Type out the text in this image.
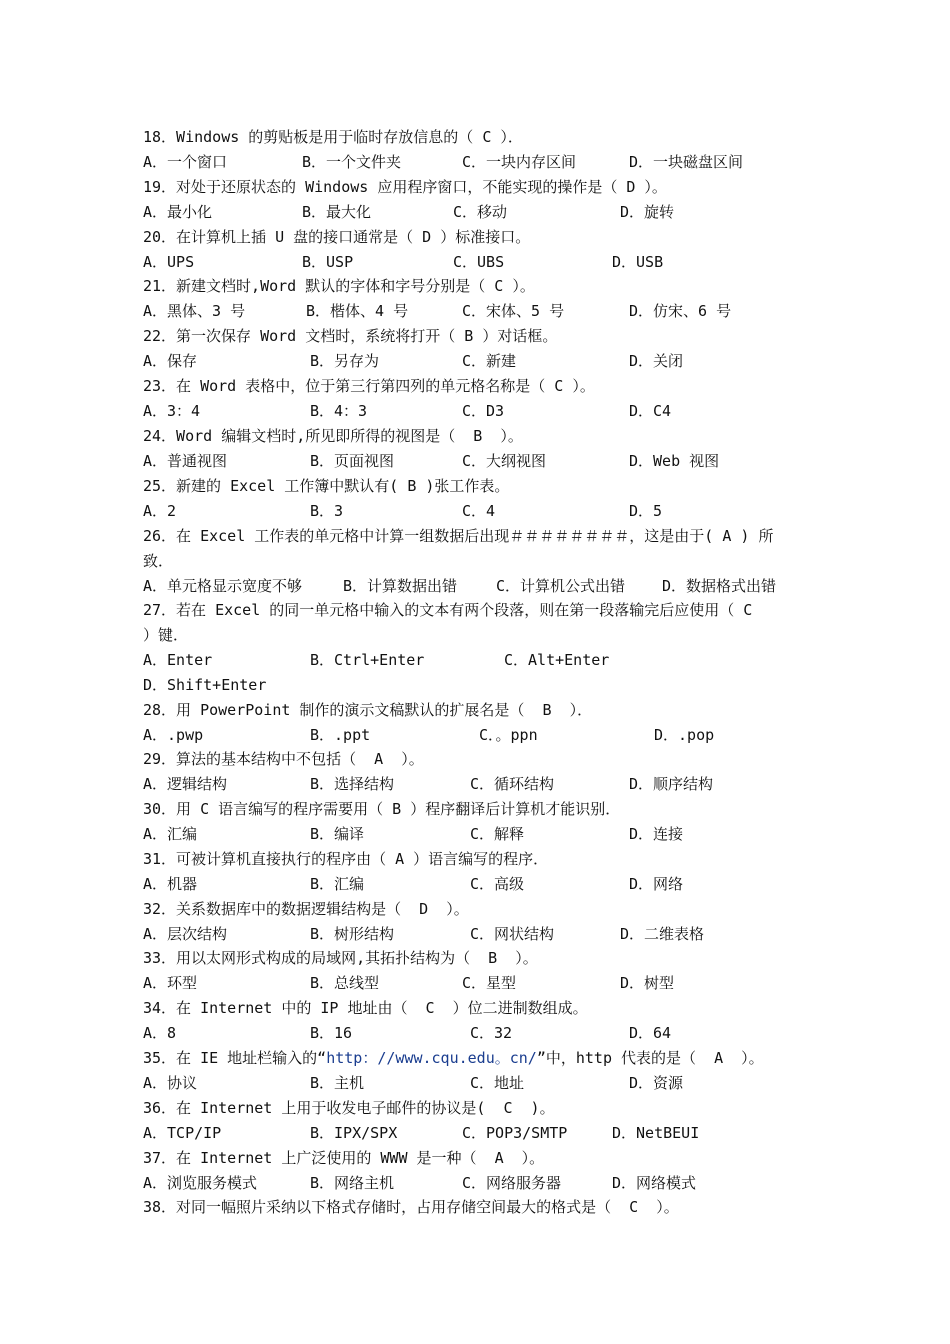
18．Windows 的剪贴板是用于临时存放信息的（ C ）．
A．一个窗口	B．一个文件夹	C．一块内存区间	D．一块磁盘区间
19．对处于还原状态的 Windows 应用程序窗口，不能实现的操作是（ D ）。
A．最小化	B．最大化	C．移动	D．旋转
20．在计算机上插 U 盘的接口通常是（ D ）标准接口。
A．UPS	B．USP	C．UBS	D．USB
21．新建文档时,Word 默认的字体和字号分别是（ C ）。
A．黑体、3 号	B．楷体、4 号	C．宋体、5 号	D．仿宋、6 号
22．第一次保存 Word 文档时，系统将打开（ B ）对话框。
A．保存	B．另存为	C．新建	D．关闭
23．在 Word 表格中，位于第三行第四列的单元格名称是（ C ）。
A．3：4	B．4：3	C．D3	D．C4
24．Word 编辑文档时,所见即所得的视图是（  B  ）。
A．普通视图	B．页面视图	C．大纲视图	D．Web 视图
25．新建的 Excel 工作簿中默认有( B )张工作表。
A．2	B．3	C．4	D．5
26．在 Excel 工作表的单元格中计算一组数据后出现＃＃＃＃＃＃＃＃，这是由于( A ) 所
致．
A．单元格显示宽度不够	B．计算数据出错	C．计算机公式出错 D．数据格式出错
27．若在 Excel 的同一单元格中输入的文本有两个段落，则在第一段落输完后应使用（ C
）键．
A．Enter	B．Ctrl+Enter	C．Alt+Enter
D．Shift+Enter
28．用 PowerPoint 制作的演示文稿默认的扩展名是（  B  ）．
A．.pwp	B．.ppt	C．。ppn	D．.pop
29．算法的基本结构中不包括（  A  ）。
A．逻辑结构	B．选择结构	C．循环结构	D．顺序结构
30．用 C 语言编写的程序需要用（ B ）程序翻译后计算机才能识别．
A．汇编	B．编译	C．解释	D．连接
31．可被计算机直接执行的程序由（ A ）语言编写的程序．
A．机器	B．汇编	C．高级	D．网络
32．关系数据库中的数据逻辑结构是（  D  ）。
A．层次结构	B．树形结构	C．网状结构	D．二维表格
33．用以太网形式构成的局域网,其拓扑结构为（  B  ）。
A．环型	B．总线型	C．星型	D．树型
34．在 Internet 中的 IP 地址由（  C  ）位二进制数组成。
A．8	B．16	C．32	D．64
35．在 IE 地址栏输入的“http：//www.cqu.edu。cn/”中，http 代表的是（  A  ）。
A．协议	B．主机	C．地址	D．资源
36．在 Internet 上用于收发电子邮件的协议是(  C  )。
A．TCP/IP	B．IPX/SPX	C．POP3/SMTP	D．NetBEUI
37．在 Internet 上广泛使用的 WWW 是一种（  A  ）。
A．浏览服务模式	B．网络主机	C．网络服务器	D．网络模式
38．对同一幅照片采纳以下格式存储时，占用存储空间最大的格式是（  C  ）。
